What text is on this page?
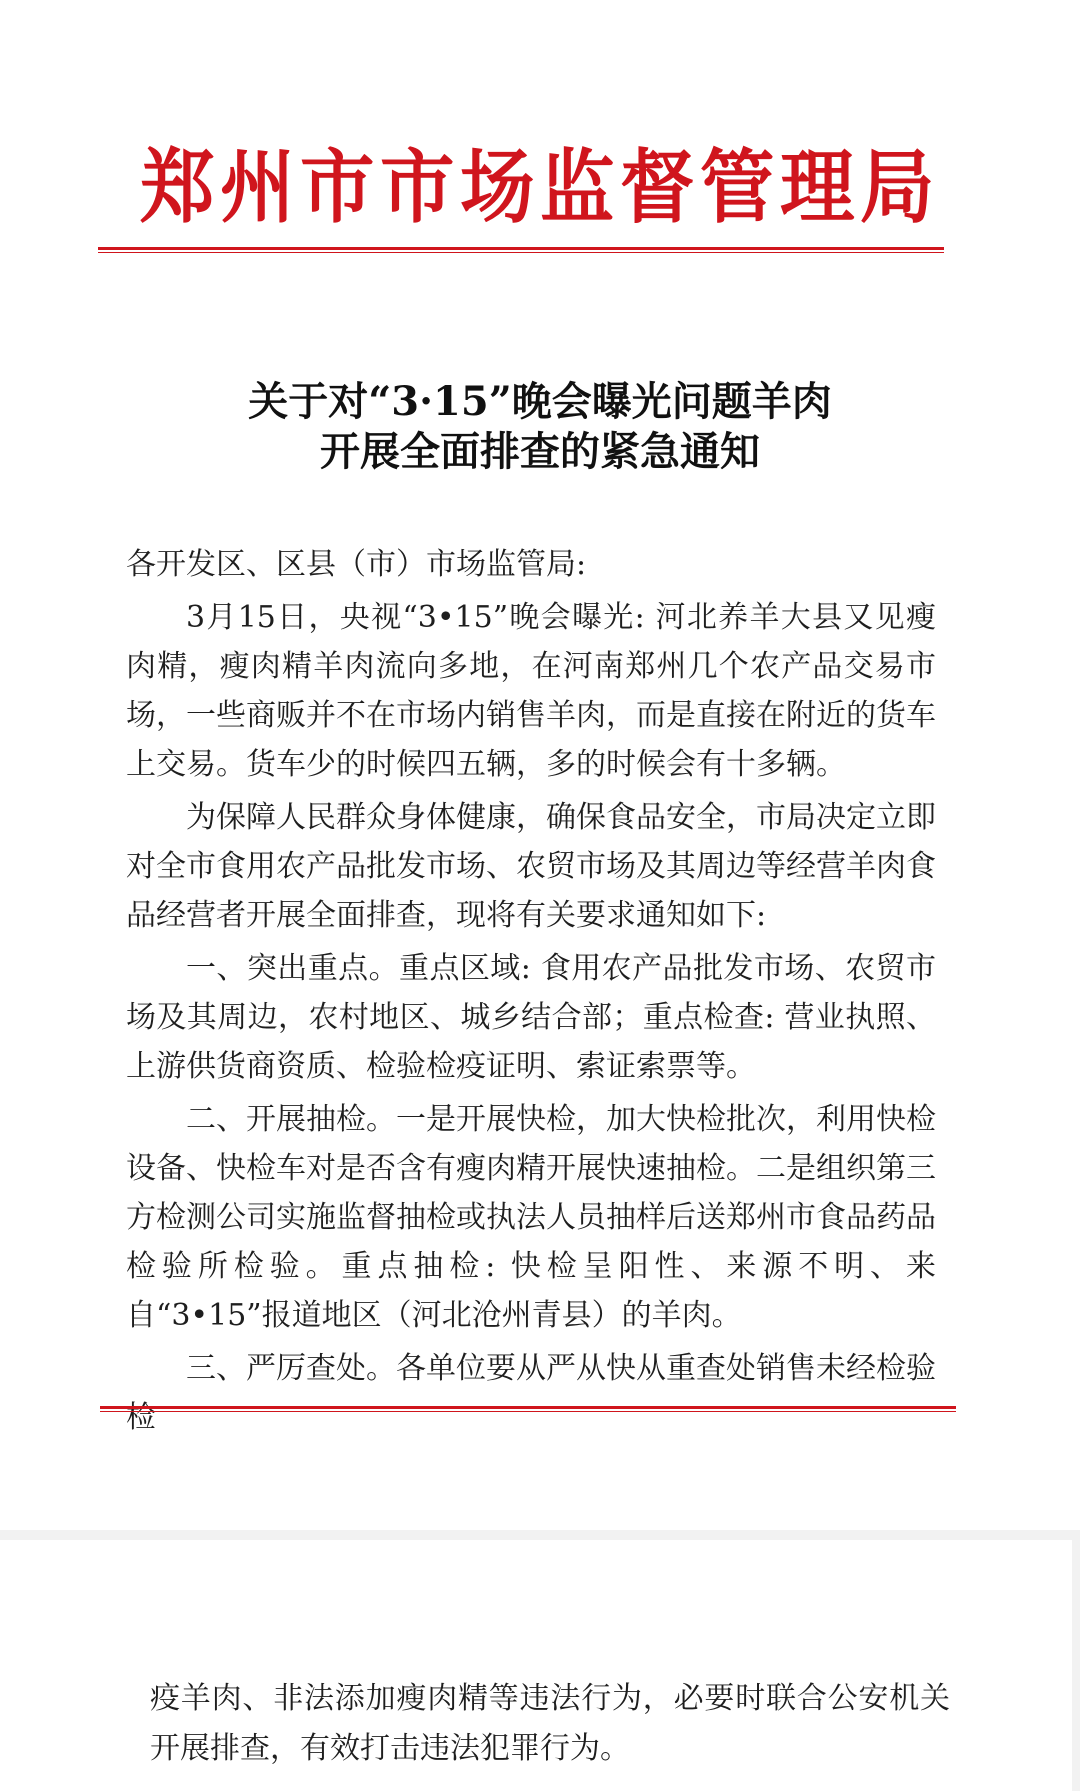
郑州市市场监督管理局
关于对“3·15”晚会曝光问题羊肉
开展全面排查的紧急通知

各开发区、区县（市）市场监管局:

3月15日，央视“3•15”晚会曝光: 河北养羊大县又见瘦肉精，瘦肉精羊肉流向多地，在河南郑州几个农产品交易市场，一些商贩并不在市场内销售羊肉，而是直接在附近的货车上交易。货车少的时候四五辆，多的时候会有十多辆。

为保障人民群众身体健康，确保食品安全，市局决定立即对全市食用农产品批发市场、农贸市场及其周边等经营羊肉食品经营者开展全面排查，现将有关要求通知如下:

一、突出重点。重点区域: 食用农产品批发市场、农贸市场及其周边，农村地区、城乡结合部；重点检查: 营业执照、上游供货商资质、检验检疫证明、索证索票等。

二、开展抽检。一是开展快检，加大快检批次，利用快检设备、快检车对是否含有瘦肉精开展快速抽检。二是组织第三方检测公司实施监督抽检或执法人员抽样后送郑州市食品药品检验所检验。重点抽检: 快检呈阳性、来源不明、来自“3•15”报道地区（河北沧州青县）的羊肉。

三、严厉查处。各单位要从严从快从重查处销售未经检验检

疫羊肉、非法添加瘦肉精等违法行为，必要时联合公安机关开展排查，有效打击违法犯罪行为。
